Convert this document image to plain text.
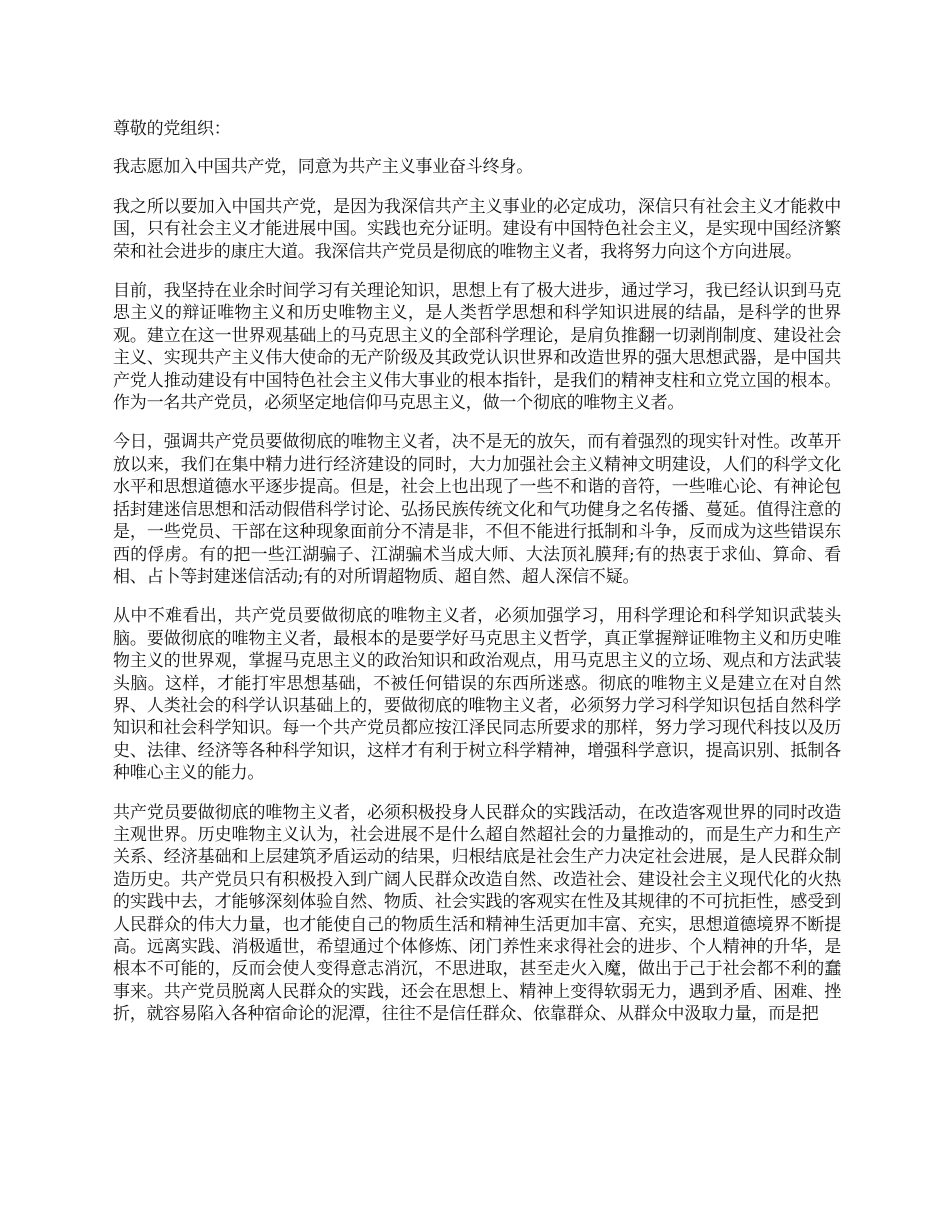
尊敬的党组织：

我志愿加入中国共产党，同意为共产主义事业奋斗终身。

我之所以要加入中国共产党，是因为我深信共产主义事业的必定成功，深信只有社会主义才能救中国，只有社会主义才能进展中国。实践也充分证明。建设有中国特色社会主义，是实现中国经济繁荣和社会进步的康庄大道。我深信共产党员是彻底的唯物主义者，我将努力向这个方向进展。

目前，我坚持在业余时间学习有关理论知识，思想上有了极大进步，通过学习，我已经认识到马克思主义的辩证唯物主义和历史唯物主义，是人类哲学思想和科学知识进展的结晶，是科学的世界观。建立在这一世界观基础上的马克思主义的全部科学理论，是肩负推翻一切剥削制度、建设社会主义、实现共产主义伟大使命的无产阶级及其政党认识世界和改造世界的强大思想武器，是中国共产党人推动建设有中国特色社会主义伟大事业的根本指针，是我们的精神支柱和立党立国的根本。作为一名共产党员，必须坚定地信仰马克思主义，做一个彻底的唯物主义者。

今日，强调共产党员要做彻底的唯物主义者，决不是无的放矢，而有着强烈的现实针对性。改革开放以来，我们在集中精力进行经济建设的同时，大力加强社会主义精神文明建设，人们的科学文化水平和思想道德水平逐步提高。但是，社会上也出现了一些不和谐的音符，一些唯心论、有神论包括封建迷信思想和活动假借科学讨论、弘扬民族传统文化和气功健身之名传播、蔓延。值得注意的是，一些党员、干部在这种现象面前分不清是非，不但不能进行抵制和斗争，反而成为这些错误东西的俘虏。有的把一些江湖骗子、江湖骗术当成大师、大法顶礼膜拜;有的热衷于求仙、算命、看相、占卜等封建迷信活动;有的对所谓超物质、超自然、超人深信不疑。

从中不难看出，共产党员要做彻底的唯物主义者，必须加强学习，用科学理论和科学知识武装头脑。要做彻底的唯物主义者，最根本的是要学好马克思主义哲学，真正掌握辩证唯物主义和历史唯物主义的世界观，掌握马克思主义的政治知识和政治观点，用马克思主义的立场、观点和方法武装头脑。这样，才能打牢思想基础，不被任何错误的东西所迷惑。彻底的唯物主义是建立在对自然界、人类社会的科学认识基础上的，要做彻底的唯物主义者，必须努力学习科学知识包括自然科学知识和社会科学知识。每一个共产党员都应按江泽民同志所要求的那样，努力学习现代科技以及历史、法律、经济等各种科学知识，这样才有利于树立科学精神，增强科学意识，提高识别、抵制各种唯心主义的能力。

共产党员要做彻底的唯物主义者，必须积极投身人民群众的实践活动，在改造客观世界的同时改造主观世界。历史唯物主义认为，社会进展不是什么超自然超社会的力量推动的，而是生产力和生产关系、经济基础和上层建筑矛盾运动的结果，归根结底是社会生产力决定社会进展，是人民群众制造历史。共产党员只有积极投入到广阔人民群众改造自然、改造社会、建设社会主义现代化的火热的实践中去，才能够深刻体验自然、物质、社会实践的客观实在性及其规律的不可抗拒性，感受到人民群众的伟大力量，也才能使自己的物质生活和精神生活更加丰富、充实，思想道德境界不断提高。远离实践、消极遁世，希望通过个体修炼、闭门养性来求得社会的进步、个人精神的升华，是根本不可能的，反而会使人变得意志消沉，不思进取，甚至走火入魔，做出于己于社会都不利的蠢事来。共产党员脱离人民群众的实践，还会在思想上、精神上变得软弱无力，遇到矛盾、困难、挫折，就容易陷入各种宿命论的泥潭，往往不是信任群众、依靠群众、从群众中汲取力量，而是把
